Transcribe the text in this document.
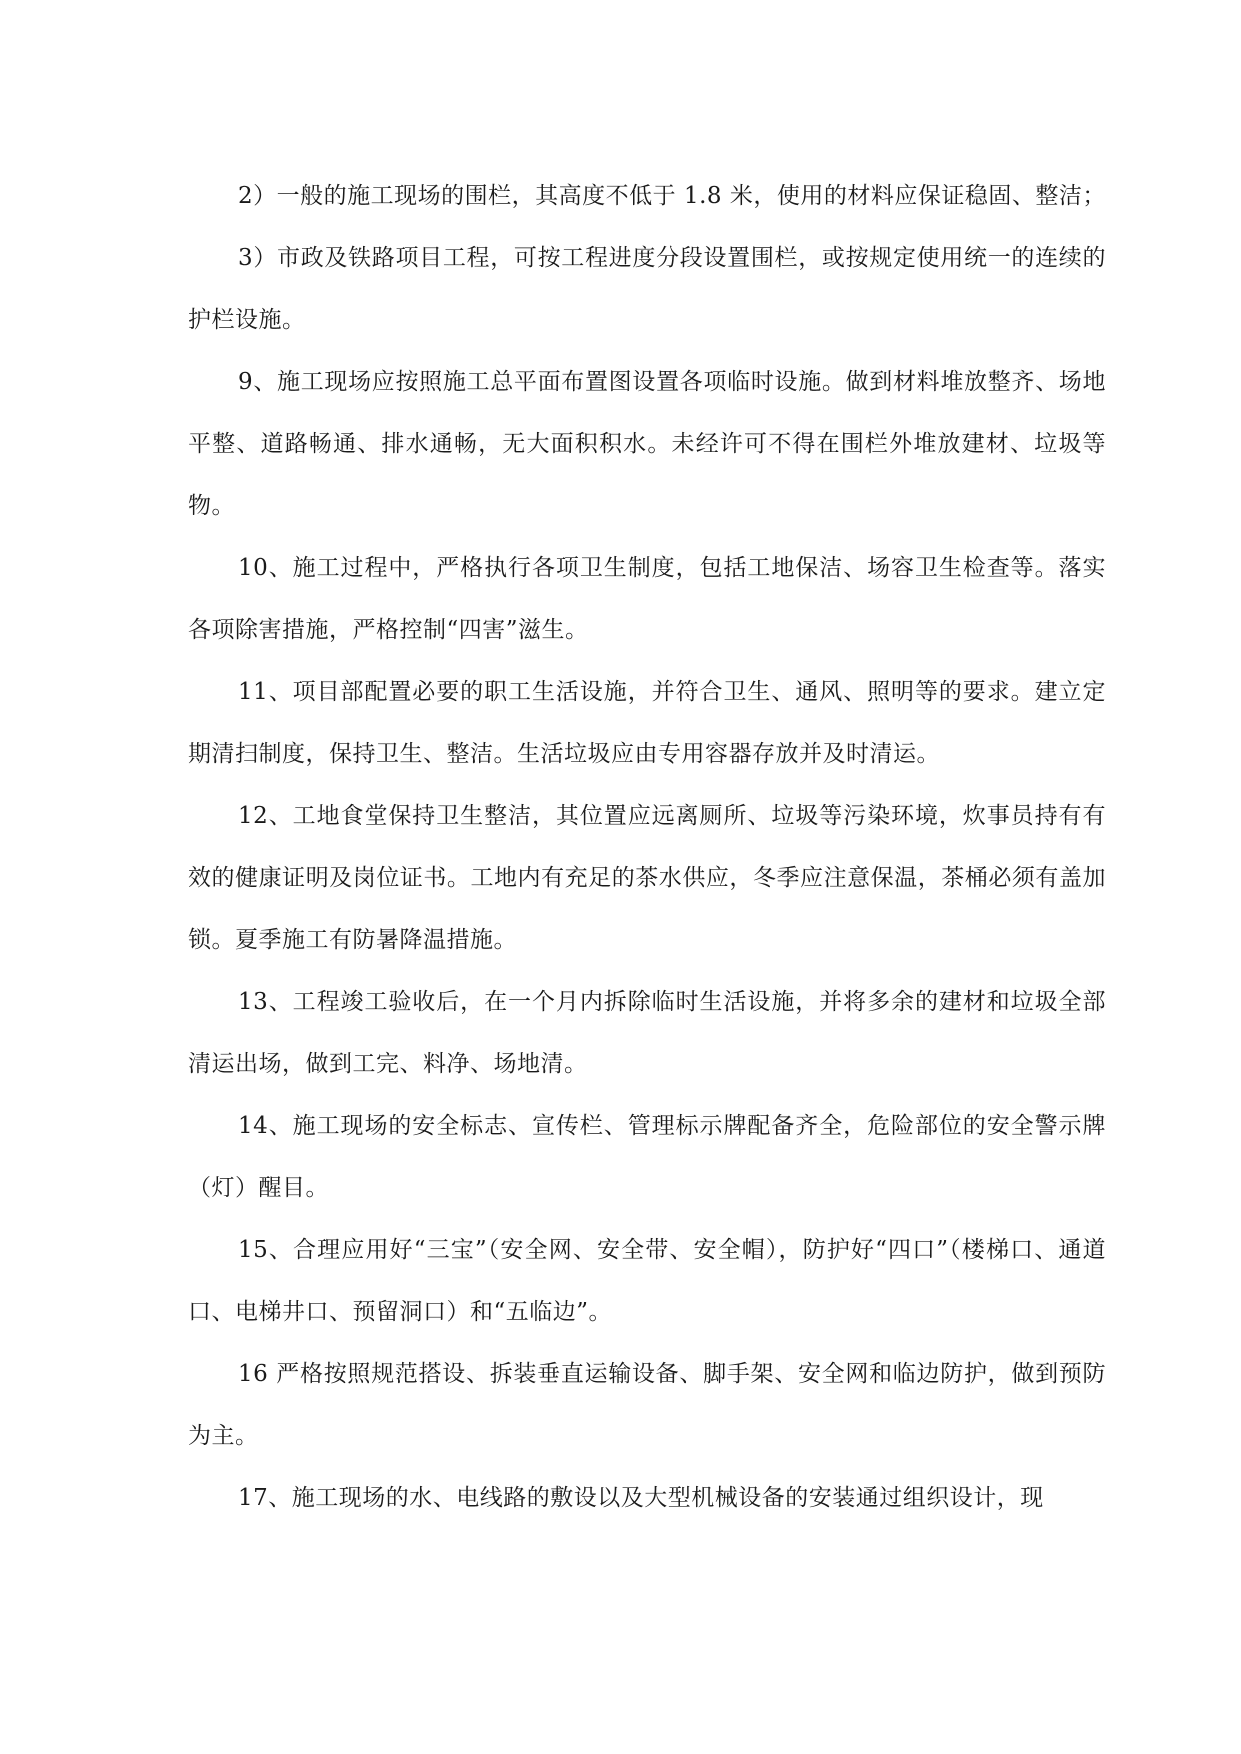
2）一般的施工现场的围栏，其高度不低于 1.8 米，使用的材料应保证稳固、整洁；

3）市政及铁路项目工程，可按工程进度分段设置围栏，或按规定使用统一的连续的护栏设施。

9、施工现场应按照施工总平面布置图设置各项临时设施。做到材料堆放整齐、场地平整、道路畅通、排水通畅，无大面积积水。未经许可不得在围栏外堆放建材、垃圾等物。

10、施工过程中，严格执行各项卫生制度，包括工地保洁、场容卫生检查等。落实各项除害措施，严格控制“四害”滋生。

11、项目部配置必要的职工生活设施，并符合卫生、通风、照明等的要求。建立定期清扫制度，保持卫生、整洁。生活垃圾应由专用容器存放并及时清运。

12、工地食堂保持卫生整洁，其位置应远离厕所、垃圾等污染环境，炊事员持有有效的健康证明及岗位证书。工地内有充足的茶水供应，冬季应注意保温，茶桶必须有盖加锁。夏季施工有防暑降温措施。

13、工程竣工验收后，在一个月内拆除临时生活设施，并将多余的建材和垃圾全部清运出场，做到工完、料净、场地清。

14、施工现场的安全标志、宣传栏、管理标示牌配备齐全，危险部位的安全警示牌（灯）醒目。

15、合理应用好“三宝”（安全网、安全带、安全帽），防护好“四口”（楼梯口、通道口、电梯井口、预留洞口）和“五临边”。

16 严格按照规范搭设、拆装垂直运输设备、脚手架、安全网和临边防护，做到预防为主。

17、施工现场的水、电线路的敷设以及大型机械设备的安装通过组织设计，现
